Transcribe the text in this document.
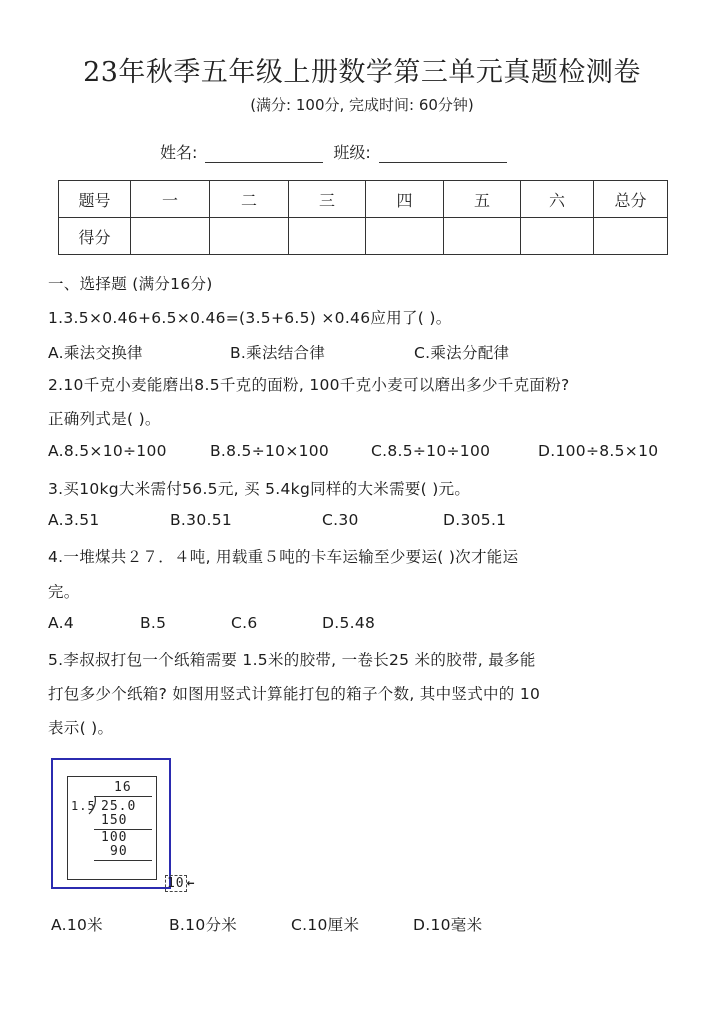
23年秋季五年级上册数学第三单元真题检测卷
(满分: 100分, 完成时间: 60分钟)
姓名:	班级:
题号	一	二	三	四	五	六	总分
得分							
一、选择题 (满分16分)
1.3.5×0.46+6.5×0.46=(3.5+6.5) ×0.46应用了( )。
A.乘法交换律	B.乘法结合律	C.乘法分配律
2.10千克小麦能磨出8.5千克的面粉, 100千克小麦可以磨出多少千克面粉?
正确列式是( )。
A.8.5×10÷100	B.8.5÷10×100	C.8.5÷10÷100	D.100÷8.5×10
3.买10kg大米需付56.5元, 买 5.4kg同样的大米需要( )元。
A.3.51	B.30.51	C.30	D.305.1
4.一堆煤共２７．４吨, 用载重５吨的卡车运输至少要运( )次才能运
完。
A.4	B.5	C.6	D.5.48
5.李叔叔打包一个纸箱需要 1.5米的胶带, 一卷长25 米的胶带, 最多能
打包多少个纸箱? 如图用竖式计算能打包的箱子个数, 其中竖式中的 10
表示( )。
16
1.5 25.0
150
100
90

10 ←

A.10米	B.10分米	C.10厘米	D.10毫米
